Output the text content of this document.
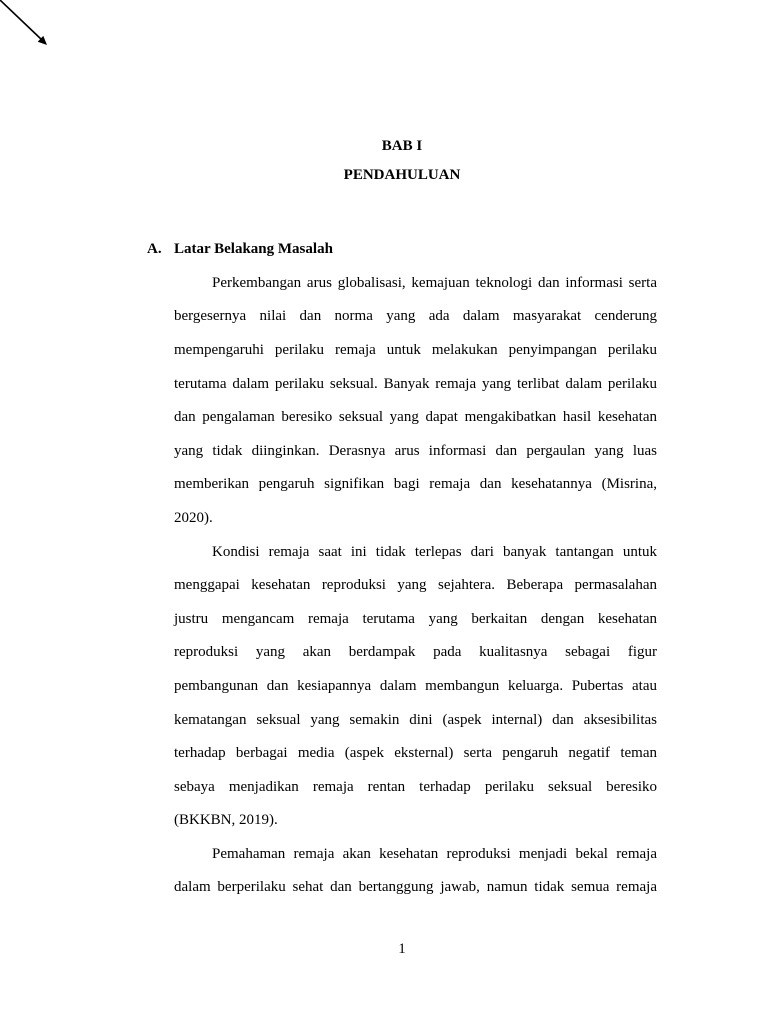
BAB I
PENDAHULUAN
A. Latar Belakang Masalah
Perkembangan arus globalisasi, kemajuan teknologi dan informasi serta
bergesernya nilai dan norma yang ada dalam masyarakat cenderung
mempengaruhi perilaku remaja untuk melakukan penyimpangan perilaku
terutama dalam perilaku seksual. Banyak remaja yang terlibat dalam perilaku
dan pengalaman beresiko seksual yang dapat mengakibatkan hasil kesehatan
yang tidak diinginkan. Derasnya arus informasi dan pergaulan yang luas
memberikan pengaruh signifikan bagi remaja dan kesehatannya (Misrina,
2020).
Kondisi remaja saat ini tidak terlepas dari banyak tantangan untuk
menggapai kesehatan reproduksi yang sejahtera. Beberapa permasalahan
justru mengancam remaja terutama yang berkaitan dengan kesehatan
reproduksi yang akan berdampak pada kualitasnya sebagai figur
pembangunan dan kesiapannya dalam membangun keluarga. Pubertas atau
kematangan seksual yang semakin dini (aspek internal) dan aksesibilitas
terhadap berbagai media (aspek eksternal) serta pengaruh negatif teman
sebaya menjadikan remaja rentan terhadap perilaku seksual beresiko
(BKKBN, 2019).
Pemahaman remaja akan kesehatan reproduksi menjadi bekal remaja
dalam berperilaku sehat dan bertanggung jawab, namun tidak semua remaja
1
